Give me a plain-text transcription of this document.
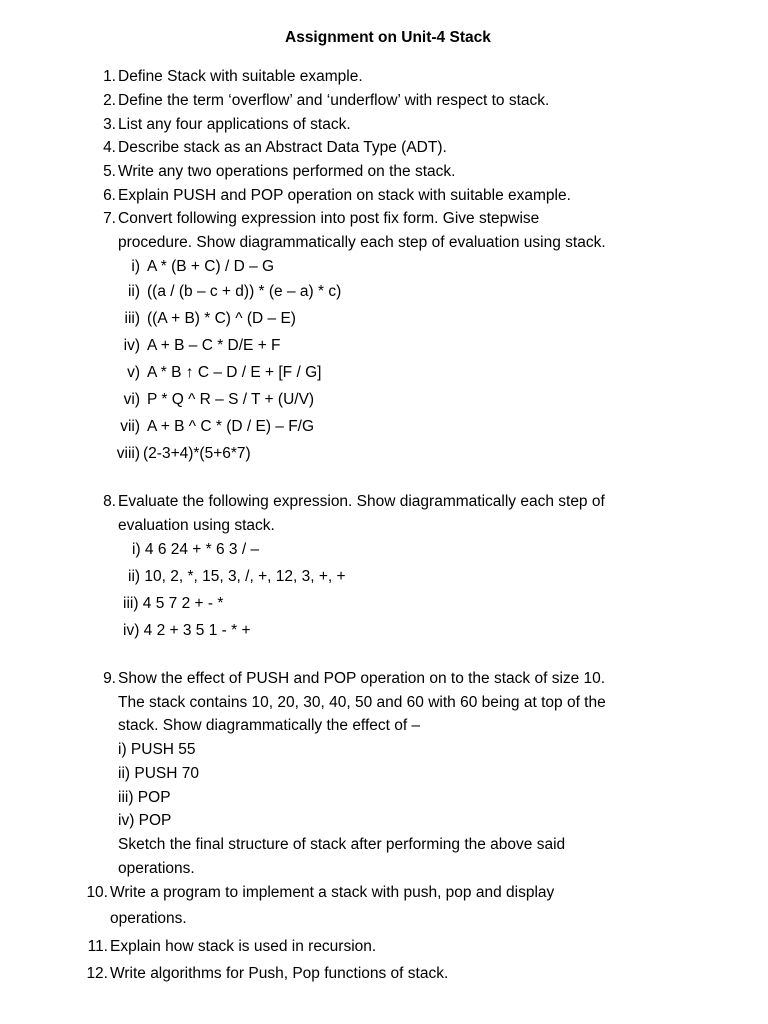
Assignment on Unit-4 Stack
1. Define Stack with suitable example.
2. Define the term ‘overflow’ and ‘underflow’ with respect to stack.
3. List any four applications of stack.
4. Describe stack as an Abstract Data Type (ADT).
5. Write any two operations performed on the stack.
6. Explain PUSH and POP operation on stack with suitable example.
7. Convert following expression into post fix form. Give stepwise
procedure. Show diagrammatically each step of evaluation using stack.
i) A * (B + C) / D – G
ii) ((a / (b – c + d)) * (e – a) * c)
iii) ((A + B) * C) ^ (D – E)
iv) A + B – C * D/E + F
v) A * B ↑ C – D / E + [F / G]
vi) P * Q ^ R – S / T + (U/V)
vii) A + B ^ C * (D / E) – F/G
viii) (2-3+4)*(5+6*7)
8. Evaluate the following expression. Show diagrammatically each step of
evaluation using stack.
i) 4 6 24 + * 6 3 / –
ii) 10, 2, *, 15, 3, /, +, 12, 3, +, +
iii) 4 5 7 2 + - *
iv) 4 2 + 3 5 1 - * +
9. Show the effect of PUSH and POP operation on to the stack of size 10.
The stack contains 10, 20, 30, 40, 50 and 60 with 60 being at top of the
stack. Show diagrammatically the effect of –
i) PUSH 55
ii) PUSH 70
iii) POP
iv) POP
Sketch the final structure of stack after performing the above said
operations.
10. Write a program to implement a stack with push, pop and display
operations.
11. Explain how stack is used in recursion.
12. Write algorithms for Push, Pop functions of stack.
